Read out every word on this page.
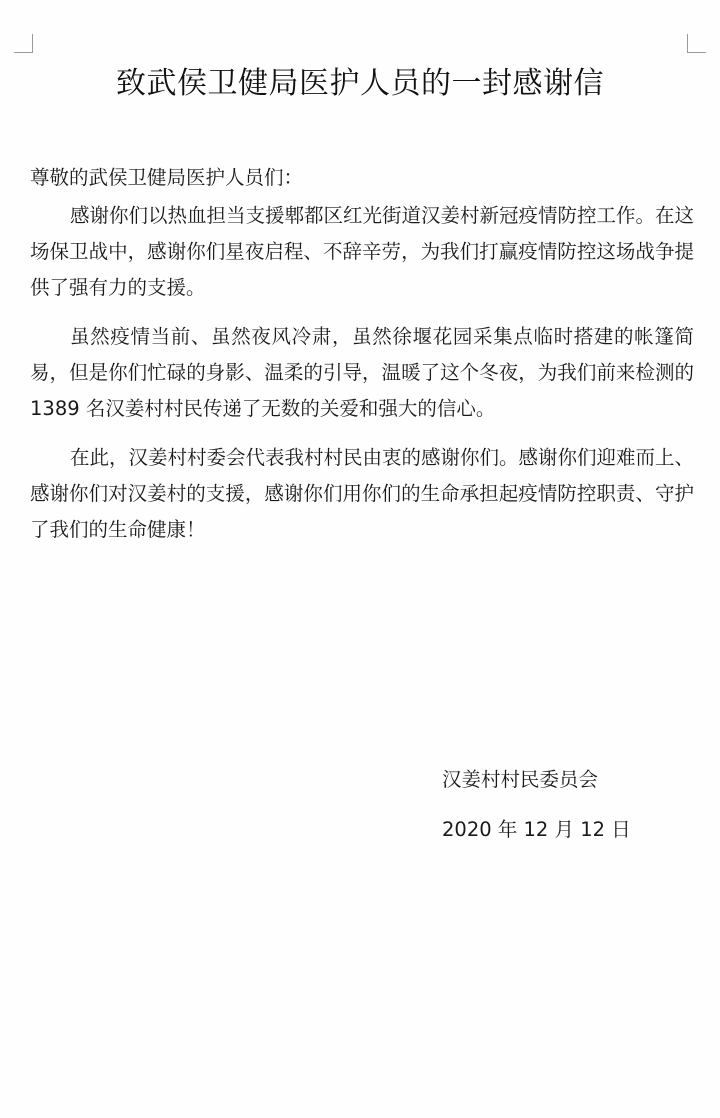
致武侯卫健局医护人员的一封感谢信

尊敬的武侯卫健局医护人员们：

感谢你们以热血担当支援郫都区红光街道汉姜村新冠疫情防控工作。在这场保卫战中，感谢你们星夜启程、不辞辛劳，为我们打赢疫情防控这场战争提供了强有力的支援。

虽然疫情当前、虽然夜风冷肃，虽然徐堰花园采集点临时搭建的帐篷简易，但是你们忙碌的身影、温柔的引导，温暖了这个冬夜，为我们前来检测的 1389 名汉姜村村民传递了无数的关爱和强大的信心。

在此，汉姜村村委会代表我村村民由衷的感谢你们。感谢你们迎难而上、感谢你们对汉姜村的支援，感谢你们用你们的生命承担起疫情防控职责、守护了我们的生命健康！

汉姜村村民委员会
2020 年 12 月 12 日
